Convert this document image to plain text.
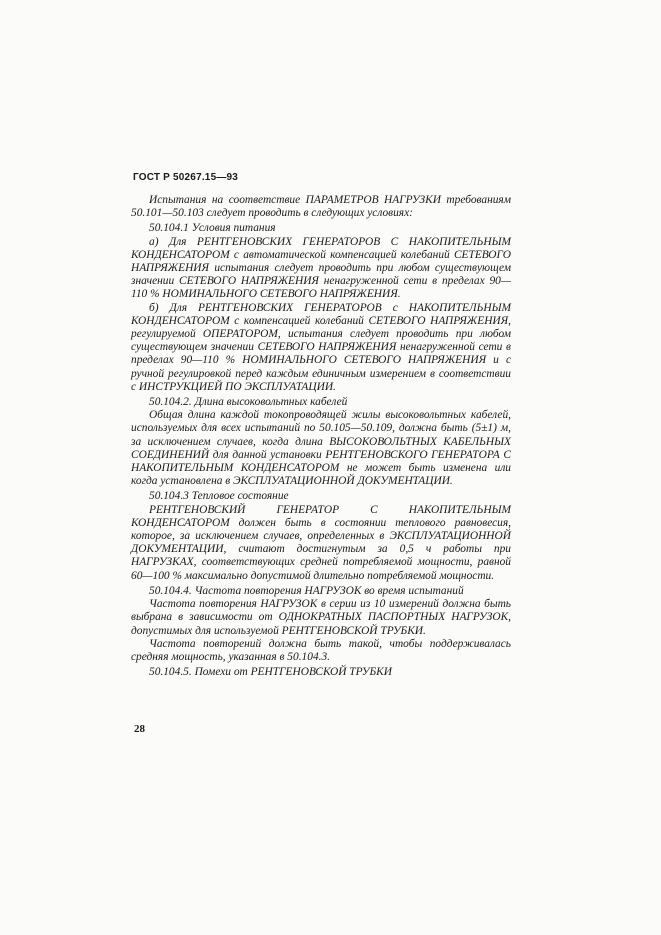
ГОСТ Р 50267.15—93

Испытания на соответствие ПАРАМЕТРОВ НАГРУЗКИ требованиям 50.101—50.103 следует проводить в следующих условиях:

50.104.1 Условия питания

а) Для РЕНТГЕНОВСКИХ ГЕНЕРАТОРОВ С НАКОПИТЕЛЬНЫМ КОНДЕНСАТОРОМ с автоматической компенсацией колебаний СЕТЕВОГО НАПРЯЖЕНИЯ испытания следует проводить при любом существующем значении СЕТЕВОГО НАПРЯЖЕНИЯ ненагруженной сети в пределах 90—110 % НОМИНАЛЬНОГО СЕТЕВОГО НАПРЯЖЕНИЯ.

б) Для РЕНТГЕНОВСКИХ ГЕНЕРАТОРОВ с НАКОПИТЕЛЬНЫМ КОНДЕНСАТОРОМ с компенсацией колебаний СЕТЕВОГО НАПРЯЖЕНИЯ, регулируемой ОПЕРАТОРОМ, испытания следует проводить при любом существующем значении СЕТЕВОГО НАПРЯЖЕНИЯ ненагруженной сети в пределах 90—110 % НОМИНАЛЬНОГО СЕТЕВОГО НАПРЯЖЕНИЯ и с ручной регулировкой перед каждым единичным измерением в соответствии с ИНСТРУКЦИЕЙ ПО ЭКСПЛУАТАЦИИ.

50.104.2. Длина высоковольтных кабелей

Общая длина каждой токопроводящей жилы высоковольтных кабелей, используемых для всех испытаний по 50.105—50.109, должна быть (5±1) м, за исключением случаев, когда длина ВЫСОКОВОЛЬТНЫХ КАБЕЛЬНЫХ СОЕДИНЕНИЙ для данной установки РЕНТГЕНОВСКОГО ГЕНЕРАТОРА С НАКОПИТЕЛЬНЫМ КОНДЕНСАТОРОМ не может быть изменена или когда установлена в ЭКСПЛУАТАЦИОННОЙ ДОКУМЕНТАЦИИ.

50.104.3 Тепловое состояние

РЕНТГЕНОВСКИЙ ГЕНЕРАТОР С НАКОПИТЕЛЬНЫМ КОНДЕНСАТОРОМ должен быть в состоянии теплового равновесия, которое, за исключением случаев, определенных в ЭКСПЛУАТАЦИОННОЙ ДОКУМЕНТАЦИИ, считают достигнутым за 0,5 ч работы при НАГРУЗКАХ, соответствующих средней потребляемой мощности, равной 60—100 % максимально допустимой длительно потребляемой мощности.

50.104.4. Частота повторения НАГРУЗОК во время испытаний

Частота повторения НАГРУЗОК в серии из 10 измерений должна быть выбрана в зависимости от ОДНОКРАТНЫХ ПАСПОРТНЫХ НАГРУЗОК, допустимых для используемой РЕНТГЕНОВСКОЙ ТРУБКИ.

Частота повторений должна быть такой, чтобы поддерживалась средняя мощность, указанная в 50.104.3.

50.104.5. Помехи от РЕНТГЕНОВСКОЙ ТРУБКИ

28
